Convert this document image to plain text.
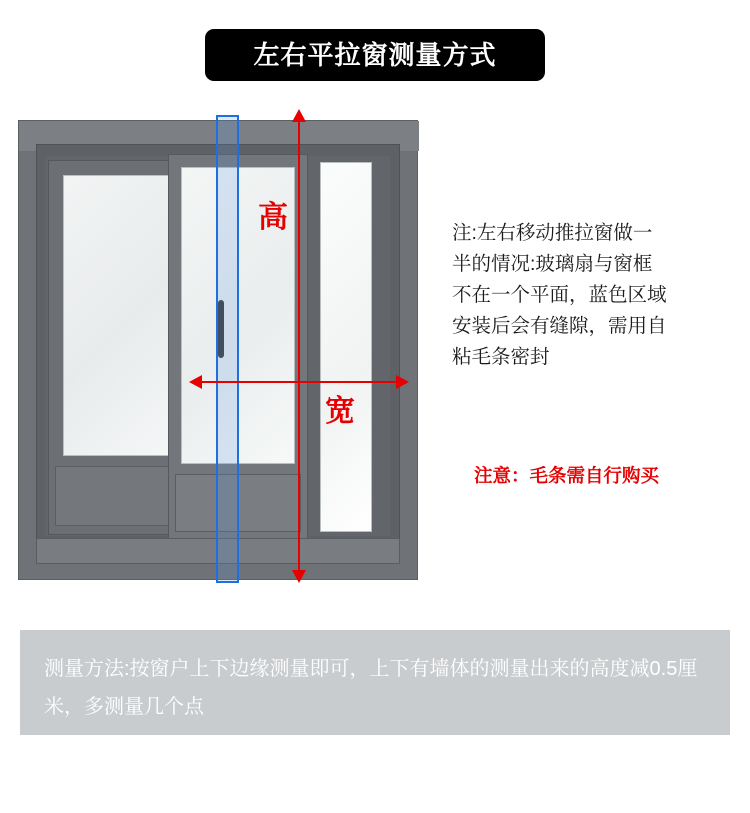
左右平拉窗测量方式
高
宽
注:左右移动推拉窗做一
半的情况:玻璃扇与窗框
不在一个平面，蓝色区域
安装后会有缝隙，需用自
粘毛条密封
注意：毛条需自行购买
测量方法:按窗户上下边缘测量即可，上下有墙体的测量出来的高度减0.5厘米，多测量几个点
